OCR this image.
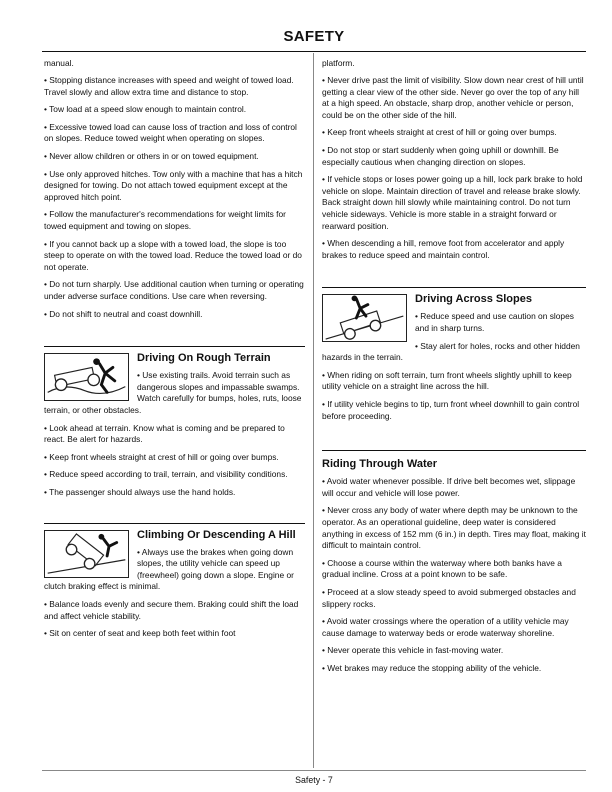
SAFETY
manual.
• Stopping distance increases with speed and weight of towed load. Travel slowly and allow extra time and distance to stop.
• Tow load at a speed slow enough to maintain control.
• Excessive towed load can cause loss of traction and loss of control on slopes. Reduce towed weight when operating on slopes.
• Never allow children or others in or on towed equipment.
• Use only approved hitches. Tow only with a machine that has a hitch designed for towing. Do not attach towed equipment except at the approved hitch point.
• Follow the manufacturer's recommendations for weight limits for towed equipment and towing on slopes.
• If you cannot back up a slope with a towed load, the slope is too steep to operate on with the towed load. Reduce the towed load or do not operate.
• Do not turn sharply. Use additional caution when turning or operating under adverse surface conditions. Use care when reversing.
• Do not shift to neutral and coast downhill.
Driving On Rough Terrain
• Use existing trails. Avoid terrain such as dangerous slopes and impassable swamps. Watch carefully for bumps, holes, ruts, loose terrain, or other obstacles.
• Look ahead at terrain. Know what is coming and be prepared to react. Be alert for hazards.
• Keep front wheels straight at crest of hill or going over bumps.
• Reduce speed according to trail, terrain, and visibility conditions.
• The passenger should always use the hand holds.
Climbing Or Descending A Hill
• Always use the brakes when going down slopes, the utility vehicle can speed up (freewheel) going down a slope. Engine or clutch braking effect is minimal.
• Balance loads evenly and secure them. Braking could shift the load and affect vehicle stability.
• Sit on center of seat and keep both feet within foot
platform.
• Never drive past the limit of visibility. Slow down near crest of hill until getting a clear view of the other side. Never go over the top of any hill at a high speed. An obstacle, sharp drop, another vehicle or person, could be on the other side of the hill.
• Keep front wheels straight at crest of hill or going over bumps.
• Do not stop or start suddenly when going uphill or downhill. Be especially cautious when changing direction on slopes.
• If vehicle stops or loses power going up a hill, lock park brake to hold vehicle on slope. Maintain direction of travel and release brake slowly. Back straight down hill slowly while maintaining control. Do not turn vehicle sideways. Vehicle is more stable in a straight forward or rearward position.
• When descending a hill, remove foot from accelerator and apply brakes to reduce speed and maintain control.
Driving Across Slopes
• Reduce speed and use caution on slopes and in sharp turns.
• Stay alert for holes, rocks and other hidden hazards in the terrain.
• When riding on soft terrain, turn front wheels slightly uphill to keep utility vehicle on a straight line across the hill.
• If utility vehicle begins to tip, turn front wheel downhill to gain control before proceeding.
Riding Through Water
• Avoid water whenever possible. If drive belt becomes wet, slippage will occur and vehicle will lose power.
• Never cross any body of water where depth may be unknown to the operator. As an operational guideline, deep water is considered anything in excess of 152 mm (6 in.) in depth. Tires may float, making it difficult to maintain control.
• Choose a course within the waterway where both banks have a gradual incline. Cross at a point known to be safe.
• Proceed at a slow steady speed to avoid submerged obstacles and slippery rocks.
• Avoid water crossings where the operation of a utility vehicle may cause damage to waterway beds or erode waterway shoreline.
• Never operate this vehicle in fast-moving water.
• Wet brakes may reduce the stopping ability of the vehicle.
Safety - 7
